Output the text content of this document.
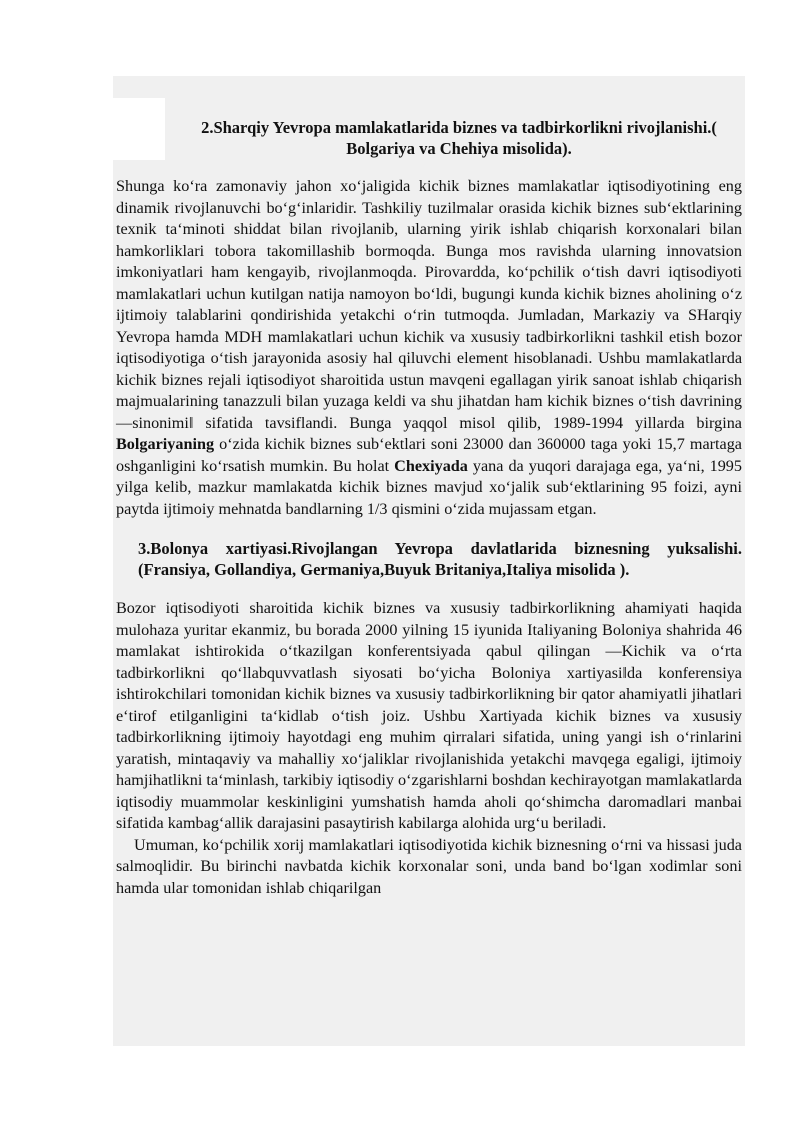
2.Sharqiy Yevropa mamlakatlarida biznes va tadbirkorlikni rivojlanishi.( Bolgariya va Chehiya misolida).

Shunga ko‘ra zamonaviy jahon xo‘jaligida kichik biznes mamlakatlar iqtisodiyotining eng dinamik rivojlanuvchi bo‘g‘inlaridir. Tashkiliy tuzilmalar orasida kichik biznes sub‘ektlarining texnik ta‘minoti shiddat bilan rivojlanib, ularning yirik ishlab chiqarish korxonalari bilan hamkorliklari tobora takomillashib bormoqda. Bunga mos ravishda ularning innovatsion imkoniyatlari ham kengayib, rivojlanmoqda. Pirovardda, ko‘pchilik o‘tish davri iqtisodiyoti mamlakatlari uchun kutilgan natija namoyon bo‘ldi, bugungi kunda kichik biznes aholining o‘z ijtimoiy talablarini qondirishida yetakchi o‘rin tutmoqda. Jumladan, Markaziy va SHarqiy Yevropa hamda MDH mamlakatlari uchun kichik va xususiy tadbirkorlikni tashkil etish bozor iqtisodiyotiga o‘tish jarayonida asosiy hal qiluvchi element hisoblanadi. Ushbu mamlakatlarda kichik biznes rejali iqtisodiyot sharoitida ustun mavqeni egallagan yirik sanoat ishlab chiqarish majmualarining tanazzuli bilan yuzaga keldi va shu jihatdan ham kichik biznes o‘tish davrining ―sinonimi‖ sifatida tavsiflandi. Bunga yaqqol misol qilib, 1989-1994 yillarda birgina Bolgariyaning o‘zida kichik biznes sub‘ektlari soni 23000 dan 360000 taga yoki 15,7 martaga oshganligini ko‘rsatish mumkin. Bu holat Chexiyada yana da yuqori darajaga ega, ya‘ni, 1995 yilga kelib, mazkur mamlakatda kichik biznes mavjud xo‘jalik sub‘ektlarining 95 foizi, ayni paytda ijtimoiy mehnatda bandlarning 1/3 qismini o‘zida mujassam etgan.

3.Bolonya xartiyasi.Rivojlangan Yevropa davlatlarida biznesning yuksalishi.(Fransiya, Gollandiya, Germaniya,Buyuk Britaniya,Italiya misolida ).

Bozor iqtisodiyoti sharoitida kichik biznes va xususiy tadbirkorlikning ahamiyati haqida mulohaza yuritar ekanmiz, bu borada 2000 yilning 15 iyunida Italiyaning Boloniya shahrida 46 mamlakat ishtirokida o‘tkazilgan konferentsiyada qabul qilingan ―Kichik va o‘rta tadbirkorlikni qo‘llabquvvatlash siyosati bo‘yicha Boloniya xartiyasi‖da konferensiya ishtirokchilari tomonidan kichik biznes va xususiy tadbirkorlikning bir qator ahamiyatli jihatlari e‘tirof etilganligini ta‘kidlab o‘tish joiz. Ushbu Xartiyada kichik biznes va xususiy tadbirkorlikning ijtimoiy hayotdagi eng muhim qirralari sifatida, uning yangi ish o‘rinlarini yaratish, mintaqaviy va mahalliy xo‘jaliklar rivojlanishida yetakchi mavqega egaligi, ijtimoiy hamjihatlikni ta‘minlash, tarkibiy iqtisodiy o‘zgarishlarni boshdan kechirayotgan mamlakatlarda iqtisodiy muammolar keskinligini yumshatish hamda aholi qo‘shimcha daromadlari manbai sifatida kambag‘allik darajasini pasaytirish kabilarga alohida urg‘u beriladi.

Umuman, ko‘pchilik xorij mamlakatlari iqtisodiyotida kichik biznesning o‘rni va hissasi juda salmoqlidir. Bu birinchi navbatda kichik korxonalar soni, unda band bo‘lgan xodimlar soni hamda ular tomonidan ishlab chiqarilgan
